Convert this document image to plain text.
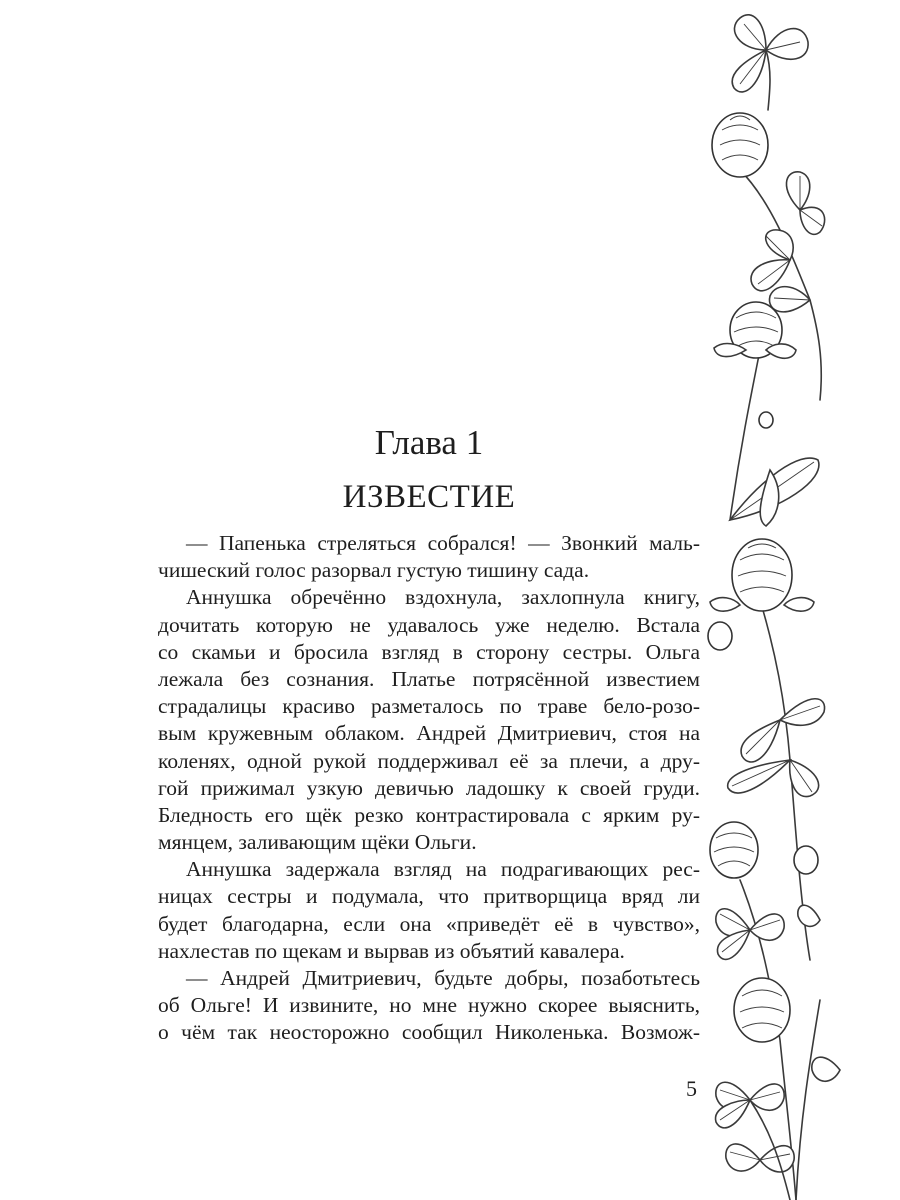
Глава 1
ИЗВЕСТИЕ
— Папенька стреляться собрался! — Звонкий маль-
чишеский голос разорвал густую тишину сада.
Аннушка обречённо вздохнула, захлопнула книгу,
дочитать которую не удавалось уже неделю. Встала
со скамьи и бросила взгляд в сторону сестры. Ольга
лежала без сознания. Платье потрясённой известием
страдалицы красиво разметалось по траве бело-розо-
вым кружевным облаком. Андрей Дмитриевич, стоя на
коленях, одной рукой поддерживал её за плечи, а дру-
гой прижимал узкую девичью ладошку к своей груди.
Бледность его щёк резко контрастировала с ярким ру-
мянцем, заливающим щёки Ольги.
Аннушка задержала взгляд на подрагивающих рес-
ницах сестры и подумала, что притворщица вряд ли
будет благодарна, если она «приведёт её в чувство»,
нахлестав по щекам и вырвав из объятий кавалера.
— Андрей Дмитриевич, будьте добры, позаботьтесь
об Ольге! И извините, но мне нужно скорее выяснить,
о чём так неосторожно сообщил Николенька. Возмож-
5
